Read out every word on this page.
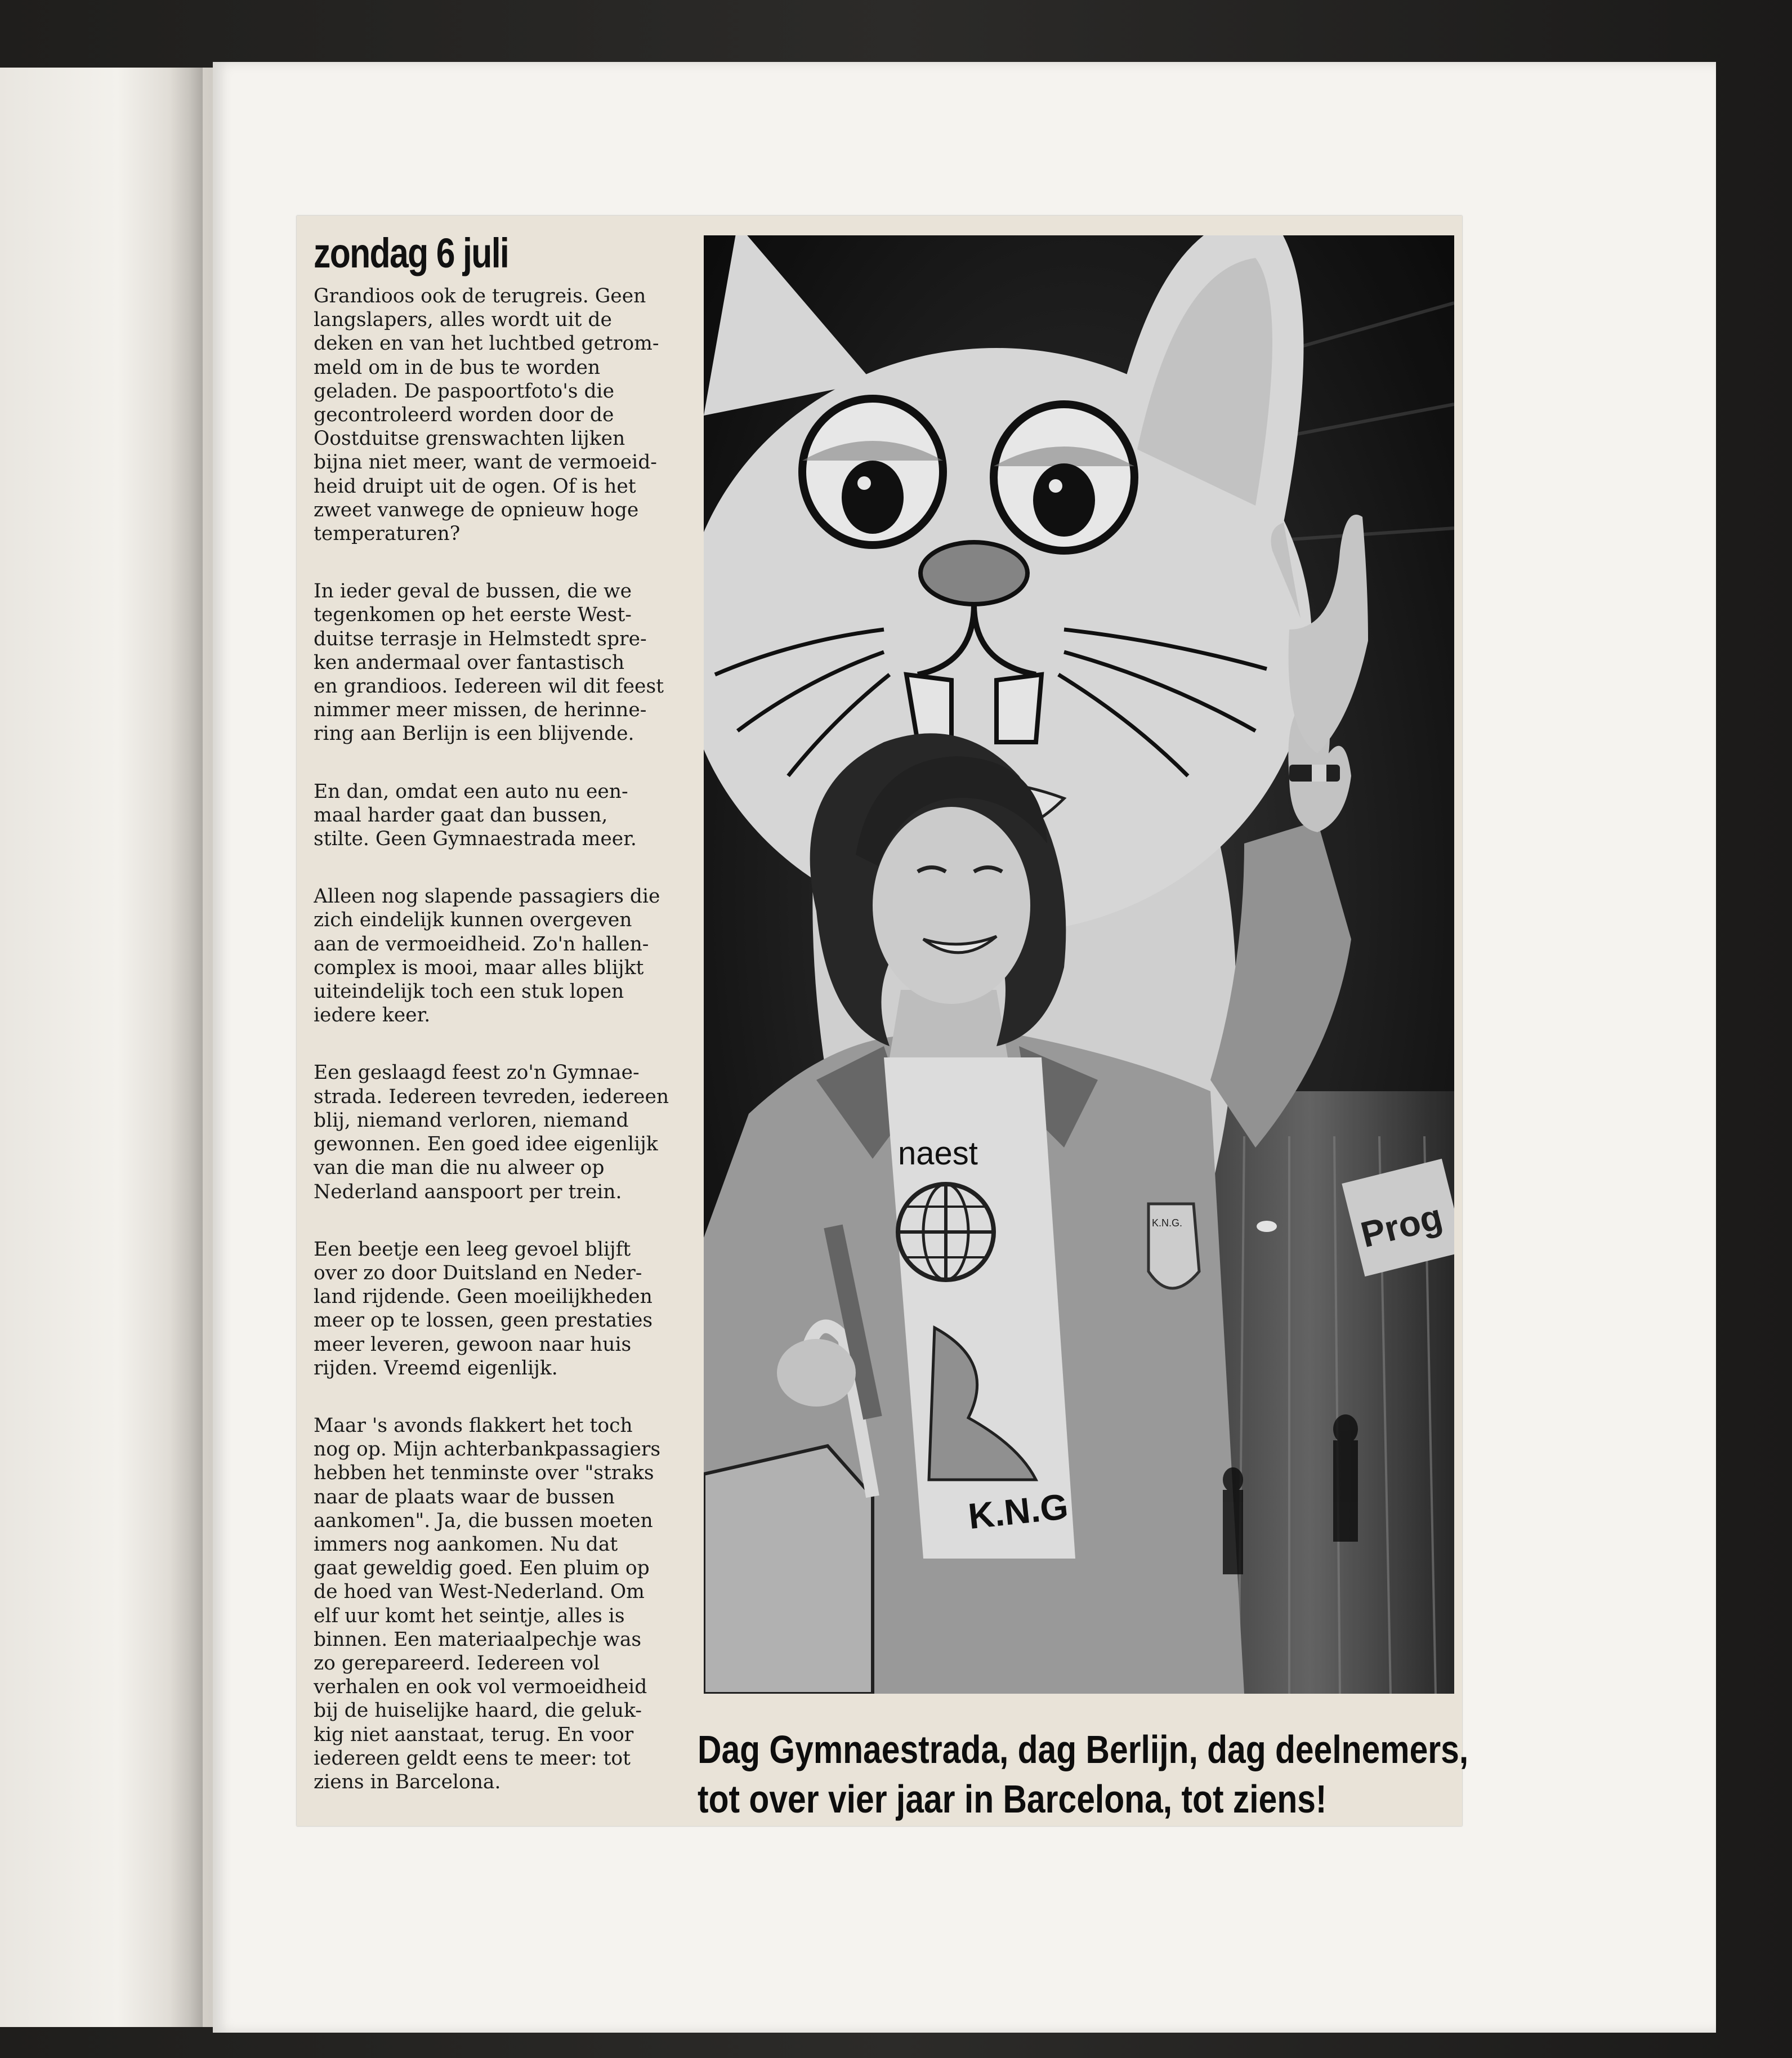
zondag 6 juli

Grandioos ook de terugreis. Geen
langslapers, alles wordt uit de
deken en van het luchtbed getrom-
meld om in de bus te worden
geladen. De paspoortfoto's die
gecontroleerd worden door de
Oostduitse grenswachten lijken
bijna niet meer, want de vermoeid-
heid druipt uit de ogen. Of is het
zweet vanwege de opnieuw hoge
temperaturen?

In ieder geval de bussen, die we
tegenkomen op het eerste West-
duitse terrasje in Helmstedt spre-
ken andermaal over fantastisch
en grandioos. Iedereen wil dit feest
nimmer meer missen, de herinne-
ring aan Berlijn is een blijvende.

En dan, omdat een auto nu een-
maal harder gaat dan bussen,
stilte. Geen Gymnaestrada meer.

Alleen nog slapende passagiers die
zich eindelijk kunnen overgeven
aan de vermoeidheid. Zo'n hallen-
complex is mooi, maar alles blijkt
uiteindelijk toch een stuk lopen
iedere keer.

Een geslaagd feest zo'n Gymnae-
strada. Iedereen tevreden, iedereen
blij, niemand verloren, niemand
gewonnen. Een goed idee eigenlijk
van die man die nu alweer op
Nederland aanspoort per trein.

Een beetje een leeg gevoel blijft
over zo door Duitsland en Neder-
land rijdende. Geen moeilijkheden
meer op te lossen, geen prestaties
meer leveren, gewoon naar huis
rijden. Vreemd eigenlijk.

Maar 's avonds flakkert het toch
nog op. Mijn achterbankpassagiers
hebben het tenminste over "straks
naar de plaats waar de bussen
aankomen". Ja, die bussen moeten
immers nog aankomen. Nu dat
gaat geweldig goed. Een pluim op
de hoed van West-Nederland. Om
elf uur komt het seintje, alles is
binnen. Een materiaalpechje was
zo gerepareerd. Iedereen vol
verhalen en ook vol vermoeidheid
bij de huiselijke haard, die geluk-
kig niet aanstaat, terug. En voor
iedereen geldt eens te meer: tot
ziens in Barcelona.

Prog
naest
K.N.G
K.N.G.
Dag Gymnaestrada, dag Berlijn, dag deelnemers,
tot over vier jaar in Barcelona, tot ziens!
